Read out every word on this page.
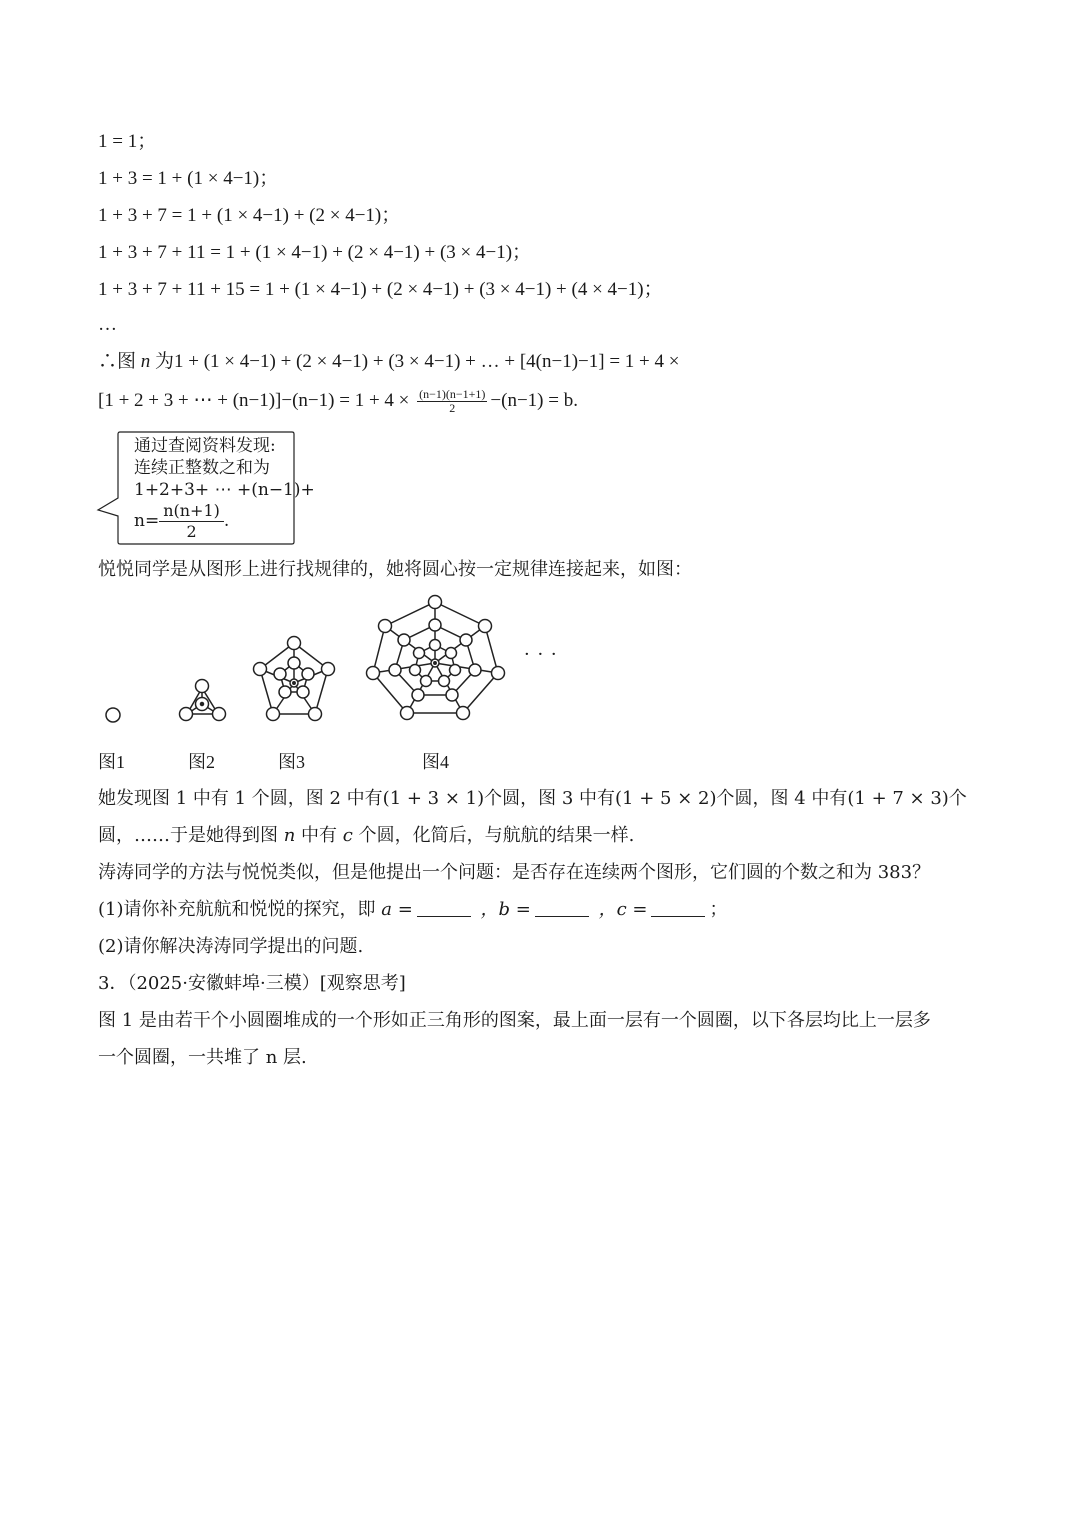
1 = 1；
1 + 3 = 1 + (1 × 4−1)；
1 + 3 + 7 = 1 + (1 × 4−1) + (2 × 4−1)；
1 + 3 + 7 + 11 = 1 + (1 × 4−1) + (2 × 4−1) + (3 × 4−1)；
1 + 3 + 7 + 11 + 15 = 1 + (1 × 4−1) + (2 × 4−1) + (3 × 4−1) + (4 × 4−1)；
…
∴图 n 为1 + (1 × 4−1) + (2 × 4−1) + (3 × 4−1) + … + [4(n−1)−1] = 1 + 4 ×
[1 + 2 + 3 + ⋯ + $(n-1)]-(n-1) = 1 + 4 \times \frac{(n-1)(n-1+1)}{2} -(n-1) = b$.
通过查阅资料发现:
连续正整数之和为
1+2+3+ ⋯ +(n−1)+
$n= \frac{n(n+1)}{2}$ .
悦悦同学是从图形上进行找规律的，她将圆心按一定规律连接起来，如图：
· · ·
图1	图2	图3	图4
她发现图 1 中有 1 个圆，图 2 中有(1 + 3 × 1)个圆，图 3 中有(1 + 5 × 2)个圆，图 4 中有(1 + 7 × 3)个
圆，……于是她得到图 n 中有 c 个圆，化简后，与航航的结果一样.
涛涛同学的方法与悦悦类似，但是他提出一个问题：是否存在连续两个图形，它们圆的个数之和为 383？
(1)请你补充航航和悦悦的探究，即 a =	，b =	，c =	；
(2)请你解决涛涛同学提出的问题.
3．（2025·安徽蚌埠·三模）[观察思考]
图 1 是由若干个小圆圈堆成的一个形如正三角形的图案，最上面一层有一个圆圈，以下各层均比上一层多
一个圆圈，一共堆了 n 层.
